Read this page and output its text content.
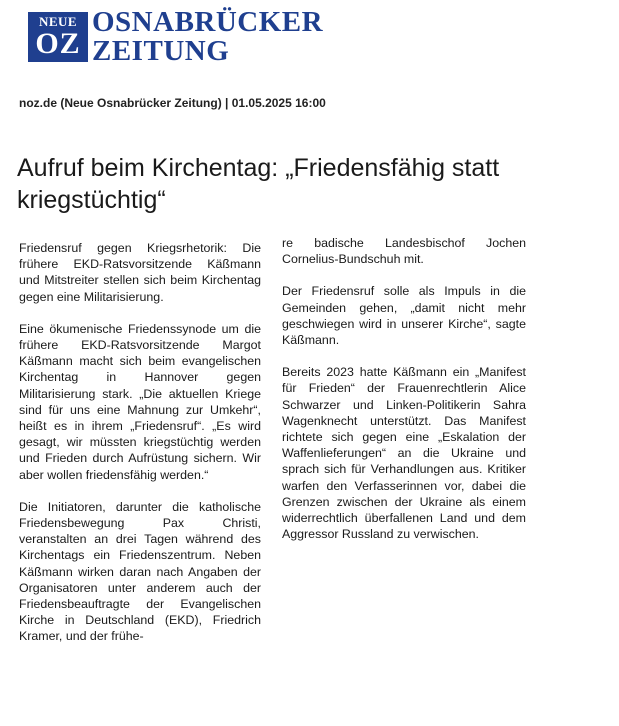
NEUE
OZ
OSNABRÜCKER
ZEITUNG
noz.de (Neue Osnabrücker Zeitung) | 01.05.2025 16:00
Aufruf beim Kirchentag: „Friedensfähig statt kriegstüchtig“

Friedensruf gegen Kriegsrhetorik: Die frühere EKD-Ratsvorsitzende Käßmann und Mitstreiter stellen sich beim Kirchentag gegen eine Militarisierung.

Eine ökumenische Friedenssynode um die frühere EKD-Ratsvorsitzende Margot Käßmann macht sich beim evangelischen Kirchentag in Hannover gegen Militarisierung stark. „Die aktuellen Kriege sind für uns eine Mahnung zur Umkehr“, heißt es in ihrem „Friedensruf“. „Es wird gesagt, wir müssten kriegstüchtig werden und Frieden durch Aufrüstung sichern. Wir aber wollen friedensfähig werden.“

Die Initiatoren, darunter die katholische Friedensbewegung Pax Christi, veranstalten an drei Tagen während des Kirchentags ein Friedenszentrum. Neben Käßmann wirken daran nach Angaben der Organisatoren unter anderem auch der Friedensbeauftragte der Evangelischen Kirche in Deutschland (EKD), Friedrich Kramer, und der frühe-

re badische Landesbischof Jochen Cornelius-Bundschuh mit.

Der Friedensruf solle als Impuls in die Gemeinden gehen, „damit nicht mehr geschwiegen wird in unserer Kirche“, sagte Käßmann.

Bereits 2023 hatte Käßmann ein „Manifest für Frieden“ der Frauenrechtlerin Alice Schwarzer und Linken-Politikerin Sahra Wagenknecht unterstützt. Das Manifest richtete sich gegen eine „Eskalation der Waffenlieferungen“ an die Ukraine und sprach sich für Verhandlungen aus. Kritiker warfen den Verfasserinnen vor, dabei die Grenzen zwischen der Ukraine als einem widerrechtlich überfallenen Land und dem Aggressor Russland zu verwischen.
